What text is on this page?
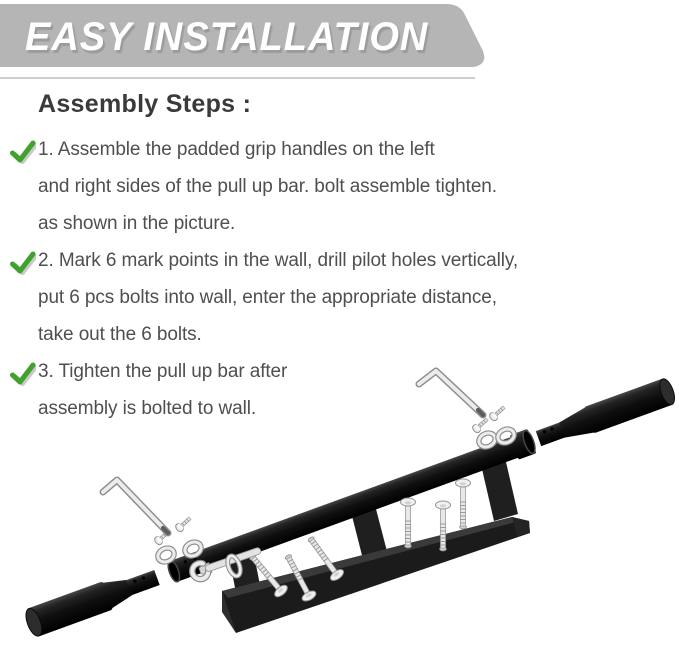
EASY INSTALLATION
Assembly Steps :
1. Assemble the padded grip handles on the left
and right sides of the pull up bar. bolt assemble tighten.
as shown in the picture.
2. Mark 6 mark points in the wall, drill pilot holes vertically,
put 6 pcs bolts into wall, enter the appropriate distance,
take out the 6 bolts.
3. Tighten the pull up bar after
assembly is bolted to wall.
